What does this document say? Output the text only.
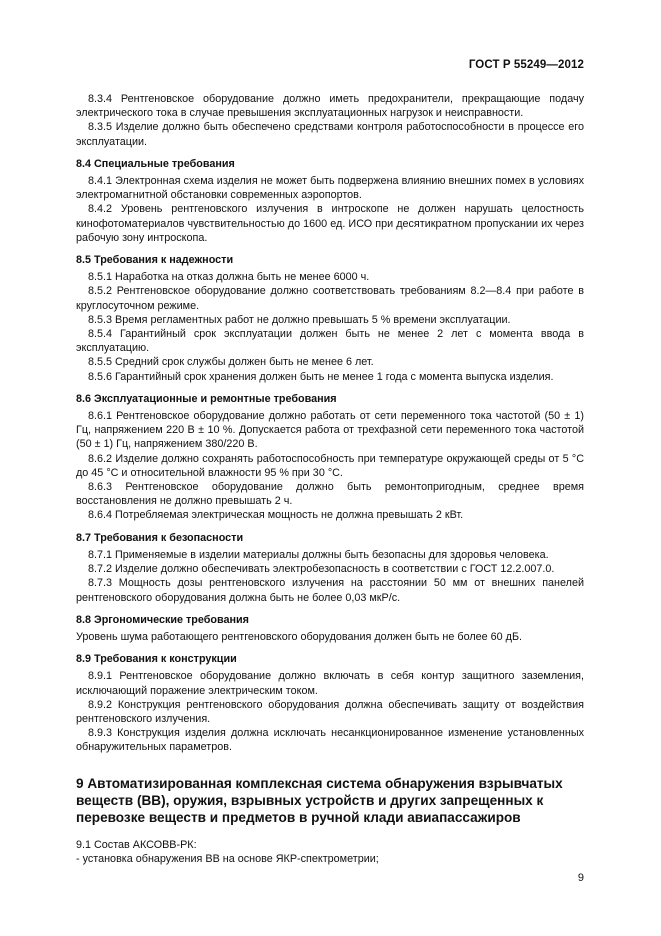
ГОСТ Р 55249—2012

8.3.4 Рентгеновское оборудование должно иметь предохранители, прекращающие подачу электрического тока в случае превышения эксплуатационных нагрузок и неисправности.

8.3.5 Изделие должно быть обеспечено средствами контроля работоспособности в процессе его эксплуатации.

8.4 Специальные требования

8.4.1 Электронная схема изделия не может быть подвержена влиянию внешних помех в условиях электромагнитной обстановки современных аэропортов.

8.4.2 Уровень рентгеновского излучения в интроскопе не должен нарушать целостность кинофотоматериалов чувствительностью до 1600 ед. ИСО при десятикратном пропускании их через рабочую зону интроскопа.

8.5 Требования к надежности

8.5.1 Наработка на отказ должна быть не менее 6000 ч.

8.5.2 Рентгеновское оборудование должно соответствовать требованиям 8.2—8.4 при работе в круглосуточном режиме.

8.5.3 Время регламентных работ не должно превышать 5 % времени эксплуатации.

8.5.4 Гарантийный срок эксплуатации должен быть не менее 2 лет с момента ввода в эксплуатацию.

8.5.5 Средний срок службы должен быть не менее 6 лет.

8.5.6 Гарантийный срок хранения должен быть не менее 1 года с момента выпуска изделия.

8.6 Эксплуатационные и ремонтные требования

8.6.1 Рентгеновское оборудование должно работать от сети переменного тока частотой (50 ± 1) Гц, напряжением 220 В ± 10 %. Допускается работа от трехфазной сети переменного тока частотой (50 ± 1) Гц, напряжением 380/220 В.

8.6.2 Изделие должно сохранять работоспособность при температуре окружающей среды от 5 °С до 45 °С и относительной влажности 95 % при 30 °С.

8.6.3 Рентгеновское оборудование должно быть ремонтопригодным, среднее время восстановления не должно превышать 2 ч.

8.6.4 Потребляемая электрическая мощность не должна превышать 2 кВт.

8.7 Требования к безопасности

8.7.1 Применяемые в изделии материалы должны быть безопасны для здоровья человека.

8.7.2 Изделие должно обеспечивать электробезопасность в соответствии с ГОСТ 12.2.007.0.

8.7.3 Мощность дозы рентгеновского излучения на расстоянии 50 мм от внешних панелей рентгеновского оборудования должна быть не более 0,03 мкР/с.

8.8 Эргономические требования

Уровень шума работающего рентгеновского оборудования должен быть не более 60 дБ.

8.9 Требования к конструкции

8.9.1 Рентгеновское оборудование должно включать в себя контур защитного заземления, исключающий поражение электрическим током.

8.9.2 Конструкция рентгеновского оборудования должна обеспечивать защиту от воздействия рентгеновского излучения.

8.9.3 Конструкция изделия должна исключать несанкционированное изменение установленных обнаружительных параметров.

9 Автоматизированная комплексная система обнаружения взрывчатых веществ (ВВ), оружия, взрывных устройств и других запрещенных к перевозке веществ и предметов в ручной клади авиапассажиров

9.1 Состав АКСОВВ-РК:

- установка обнаружения ВВ на основе ЯКР-спектрометрии;

9
